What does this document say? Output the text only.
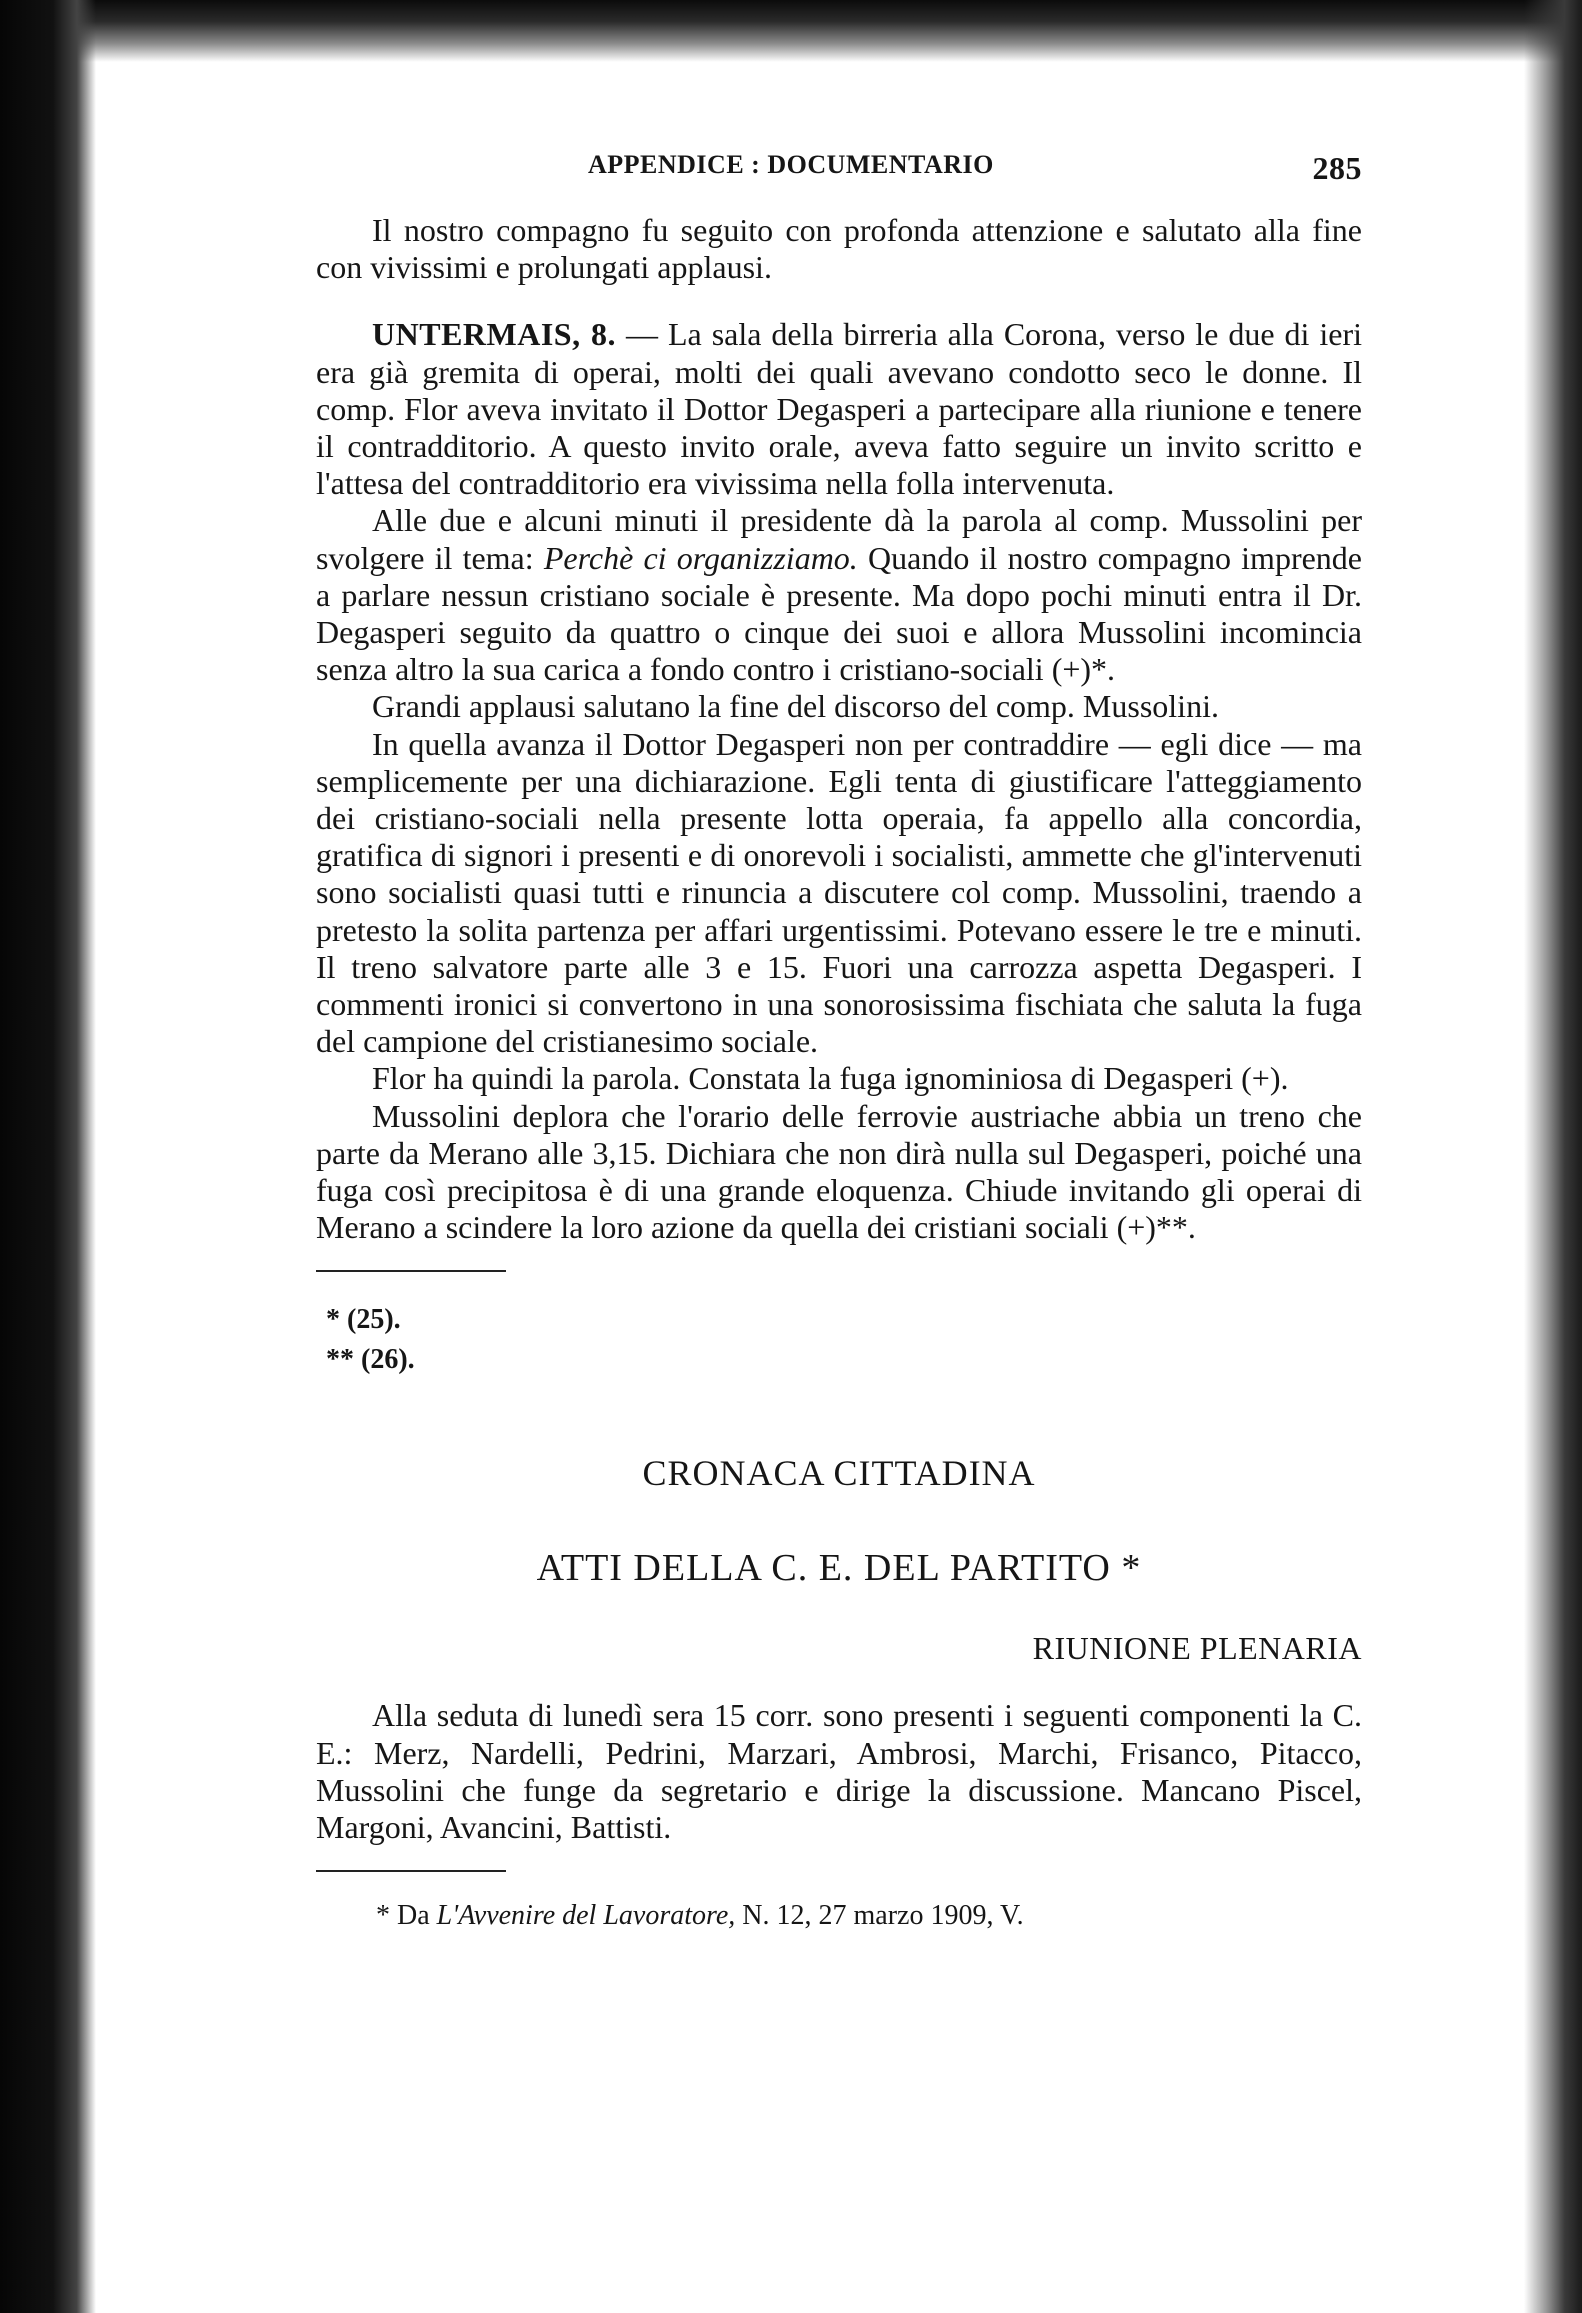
APPENDICE : DOCUMENTARIO	285

Il nostro compagno fu seguito con profonda attenzione e salutato alla fine con vivissimi e prolungati applausi.

UNTERMAIS, 8. — La sala della birreria alla Corona, verso le due di ieri era già gremita di operai, molti dei quali avevano condotto seco le donne. Il comp. Flor aveva invitato il Dottor Degasperi a partecipare alla riunione e tenere il contradditorio. A questo invito orale, aveva fatto seguire un invito scritto e l'attesa del contradditorio era vivissima nella folla intervenuta.

Alle due e alcuni minuti il presidente dà la parola al comp. Mussolini per svolgere il tema: Perchè ci organizziamo. Quando il nostro compagno imprende a parlare nessun cristiano sociale è presente. Ma dopo pochi minuti entra il Dr. Degasperi seguito da quattro o cinque dei suoi e allora Mussolini incomincia senza altro la sua carica a fondo contro i cristiano-sociali (+)*.

Grandi applausi salutano la fine del discorso del comp. Mussolini.

In quella avanza il Dottor Degasperi non per contraddire — egli dice — ma semplicemente per una dichiarazione. Egli tenta di giustificare l'atteggiamento dei cristiano-sociali nella presente lotta operaia, fa appello alla concordia, gratifica di signori i presenti e di onorevoli i socialisti, ammette che gl'intervenuti sono socialisti quasi tutti e rinuncia a discutere col comp. Mussolini, traendo a pretesto la solita partenza per affari urgentissimi. Potevano essere le tre e minuti. Il treno salvatore parte alle 3 e 15. Fuori una carrozza aspetta Degasperi. I commenti ironici si convertono in una sonorosissima fischiata che saluta la fuga del campione del cristianesimo sociale.

Flor ha quindi la parola. Constata la fuga ignominiosa di Degasperi (+).

Mussolini deplora che l'orario delle ferrovie austriache abbia un treno che parte da Merano alle 3,15. Dichiara che non dirà nulla sul Degasperi, poiché una fuga così precipitosa è di una grande eloquenza. Chiude invitando gli operai di Merano a scindere la loro azione da quella dei cristiani sociali (+)**.

* (25).
** (26).
CRONACA CITTADINA
ATTI DELLA C. E. DEL PARTITO *
RIUNIONE PLENARIA

Alla seduta di lunedì sera 15 corr. sono presenti i seguenti componenti la C. E.: Merz, Nardelli, Pedrini, Marzari, Ambrosi, Marchi, Frisanco, Pitacco, Mussolini che funge da segretario e dirige la discussione. Mancano Piscel, Margoni, Avancini, Battisti.

* Da L'Avvenire del Lavoratore, N. 12, 27 marzo 1909, V.
